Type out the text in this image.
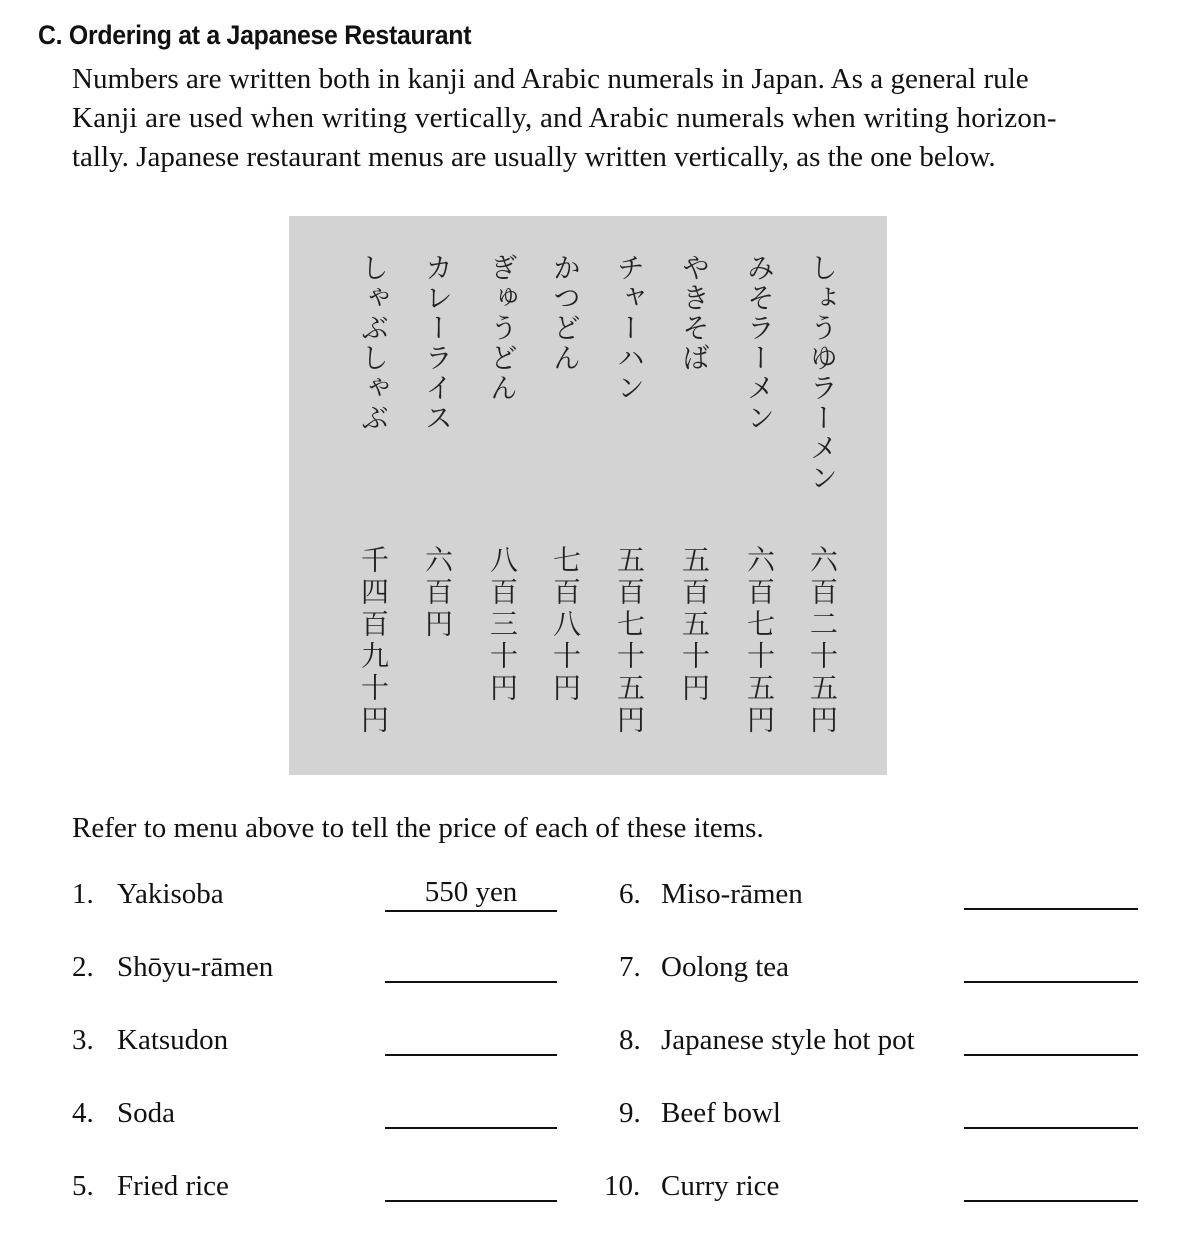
C. Ordering at a Japanese Restaurant
Numbers are written both in kanji and Arabic numerals in Japan. As a general rule
Kanji are used when writing vertically, and Arabic numerals when writing horizon-
tally. Japanese restaurant menus are usually written vertically, as the one below.
しょうゆラーメン
六百二十五円
みそラーメン
六百七十五円
やきそば
五百五十円
チャーハン
五百七十五円
かつどん
七百八十円
ぎゅうどん
八百三十円
カレーライス
六百円
しゃぶしゃぶ
千四百九十円

Refer to menu above to tell the price of each of these items.

1. Yakisoba	550 yen
2. Shōyu-rāmen
3. Katsudon
4. Soda
5. Fried rice
6. Miso-rāmen
7. Oolong tea
8. Japanese style hot pot
9. Beef bowl
10. Curry rice
